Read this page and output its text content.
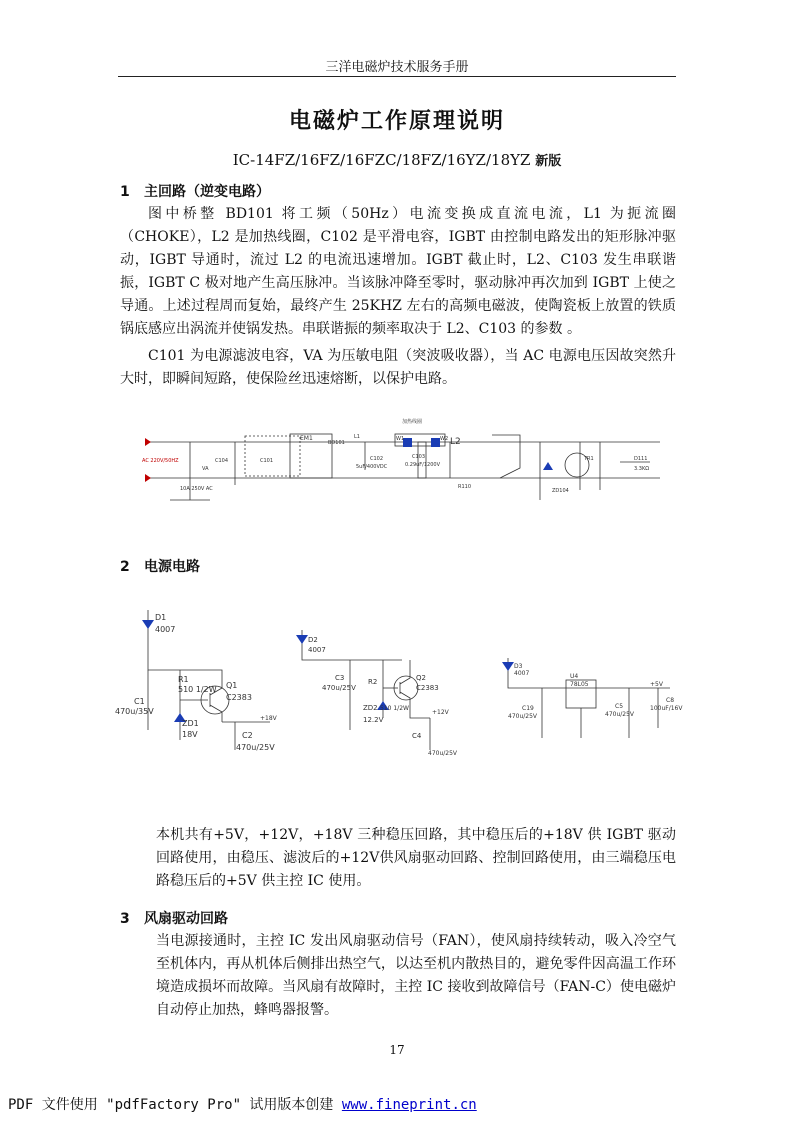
三洋电磁炉技术服务手册
电磁炉工作原理说明
IC-14FZ/16FZ/16FZC/18FZ/16YZ/18YZ 新版
1 主回路（逆变电路）
图中桥整 BD101 将工频（50Hz）电流变换成直流电流，L1 为扼流圈（CHOKE），L2 是加热线圈，C102 是平滑电容，IGBT 由控制电路发出的矩形脉冲驱动，IGBT 导通时，流过 L2 的电流迅速增加。IGBT 截止时，L2、C103 发生串联谐振，IGBT C 极对地产生高压脉冲。当该脉冲降至零时，驱动脉冲再次加到 IGBT 上使之导通。上述过程周而复始，最终产生 25KHZ 左右的高频电磁波，使陶瓷板上放置的铁质锅底感应出涡流并使锅发热。串联谐振的频率取决于 L2、C103 的参数 。
C101 为电源滤波电容，VA 为压敏电阻（突波吸收器），当 AC 电源电压因故突然升大时，即瞬间短路，使保险丝迅速熔断，以保护电路。
AC 220V/50HZ
10A 250V AC
EM1
BD101
L1	L2
C101	C102	C103
C104
5uF/400VDC	0.29uF/1200V
加热线圈
W1	W2
TR1
R110
D111
3.3KΩ
ZD104
VA
2 电源电路
D1
4007
R1
510 1/2W Q1
C2383
C1
470u/35V
ZD1
18V	C2
470u/25V
+18V
D2
4007
C3
470u/25V
R2
510 1/2W
Q2
C2383
ZD2
12.2V
C4
470u/25V
+12V
D3
4007	U4
78L05
C19
470u/25V
C5
470u/25V
C8
100uF/16V
+5V
本机共有+5V，+12V，+18V 三种稳压回路，其中稳压后的+18V 供 IGBT 驱动回路使用，由稳压、滤波后的+12V供风扇驱动回路、控制回路使用，由三端稳压电路稳压后的+5V 供主控 IC 使用。
3 风扇驱动回路
当电源接通时，主控 IC 发出风扇驱动信号（FAN），使风扇持续转动，吸入冷空气至机体内，再从机体后侧排出热空气，以达至机内散热目的，避免零件因高温工作环境造成损坏而故障。当风扇有故障时，主控 IC 接收到故障信号（FAN-C）使电磁炉自动停止加热，蜂鸣器报警。
17
PDF 文件使用 "pdfFactory Pro" 试用版本创建 www.fineprint.cn
